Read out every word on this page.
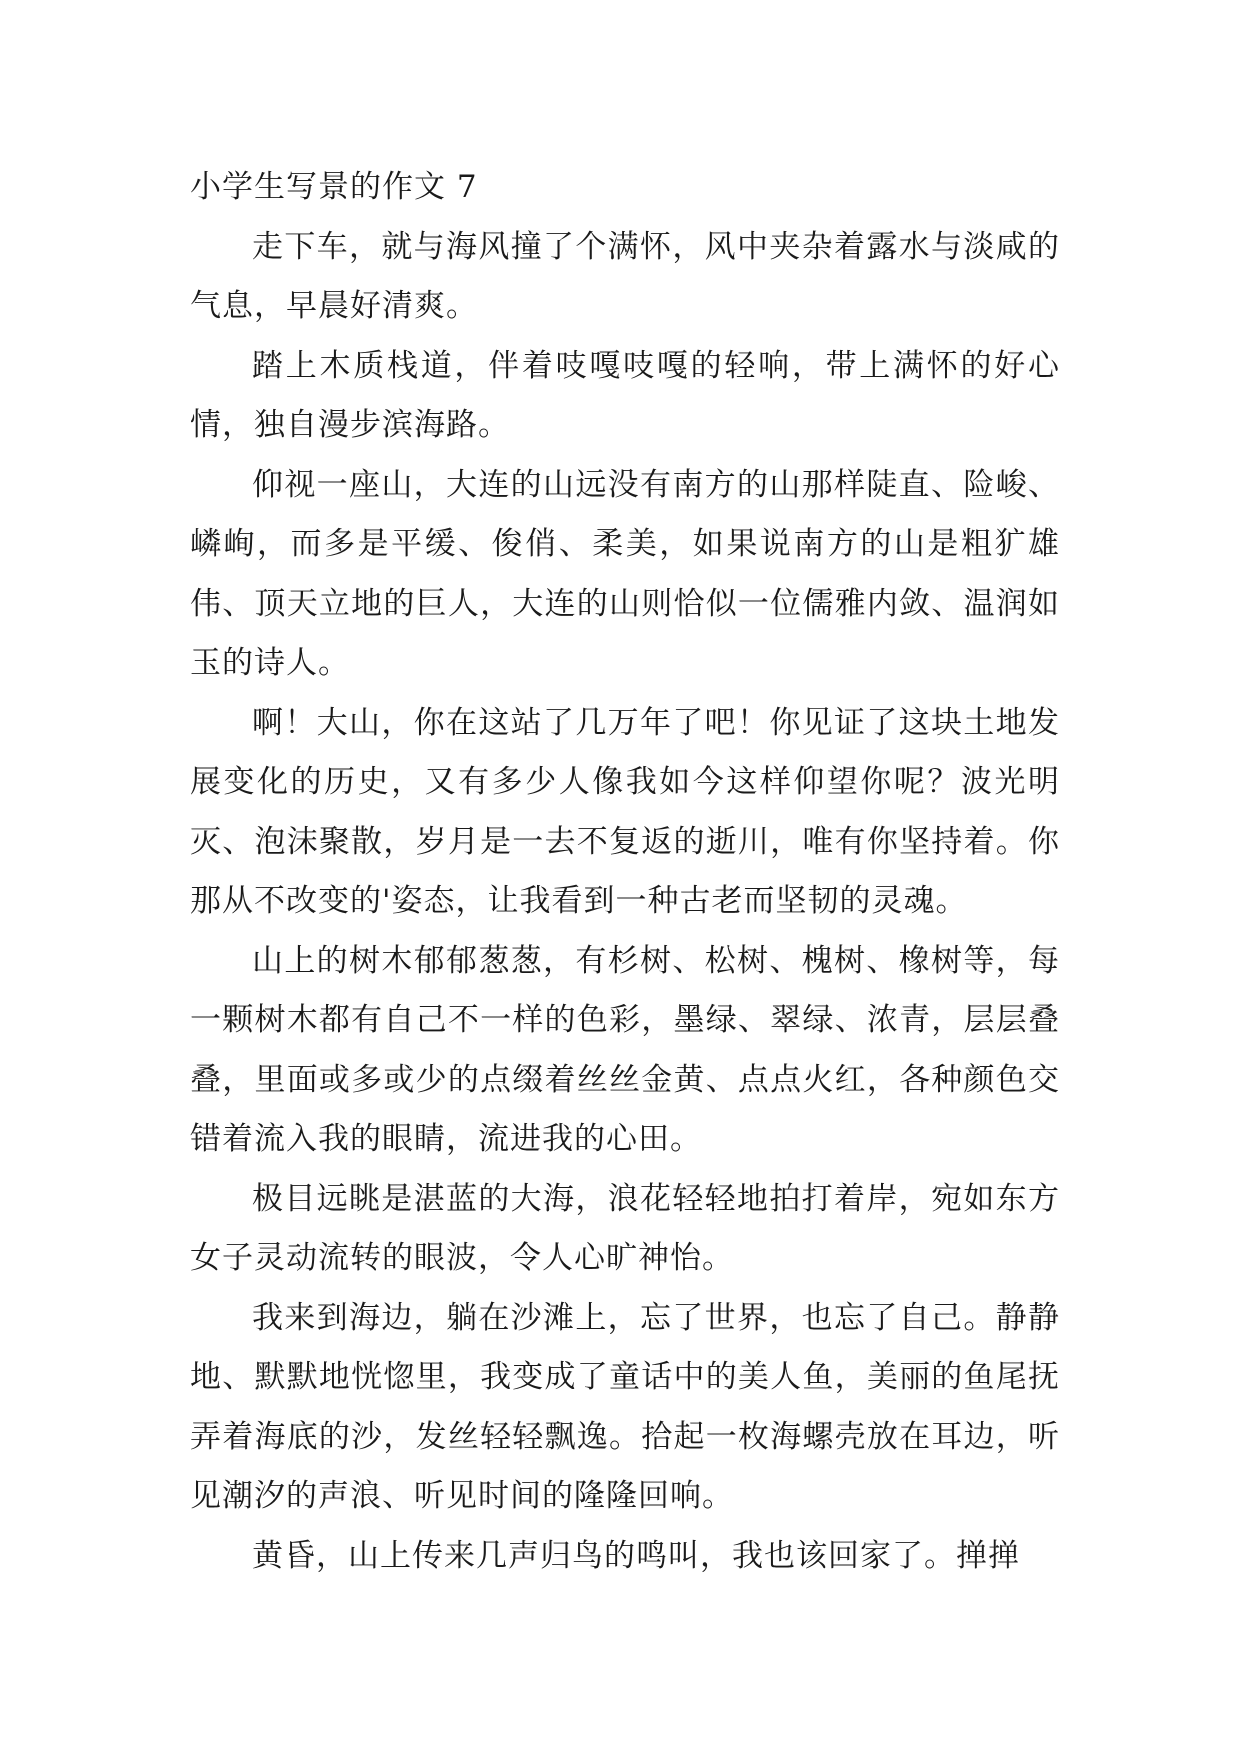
小学生写景的作文 7

走下车，就与海风撞了个满怀，风中夹杂着露水与淡咸的气息，早晨好清爽。

踏上木质栈道，伴着吱嘎吱嘎的轻响，带上满怀的好心情，独自漫步滨海路。

仰视一座山，大连的山远没有南方的山那样陡直、险峻、嶙峋，而多是平缓、俊俏、柔美，如果说南方的山是粗犷雄伟、顶天立地的巨人，大连的山则恰似一位儒雅内敛、温润如玉的诗人。

啊！大山，你在这站了几万年了吧！你见证了这块土地发展变化的历史，又有多少人像我如今这样仰望你呢？波光明灭、泡沫聚散，岁月是一去不复返的逝川，唯有你坚持着。你那从不改变的'姿态，让我看到一种古老而坚韧的灵魂。

山上的树木郁郁葱葱，有杉树、松树、槐树、橡树等，每一颗树木都有自己不一样的色彩，墨绿、翠绿、浓青，层层叠叠，里面或多或少的点缀着丝丝金黄、点点火红，各种颜色交错着流入我的眼睛，流进我的心田。

极目远眺是湛蓝的大海，浪花轻轻地拍打着岸，宛如东方女子灵动流转的眼波，令人心旷神怡。

我来到海边，躺在沙滩上，忘了世界，也忘了自己。静静地、默默地恍惚里，我变成了童话中的美人鱼，美丽的鱼尾抚弄着海底的沙，发丝轻轻飘逸。拾起一枚海螺壳放在耳边，听见潮汐的声浪、听见时间的隆隆回响。

黄昏，山上传来几声归鸟的鸣叫，我也该回家了。掸掸
